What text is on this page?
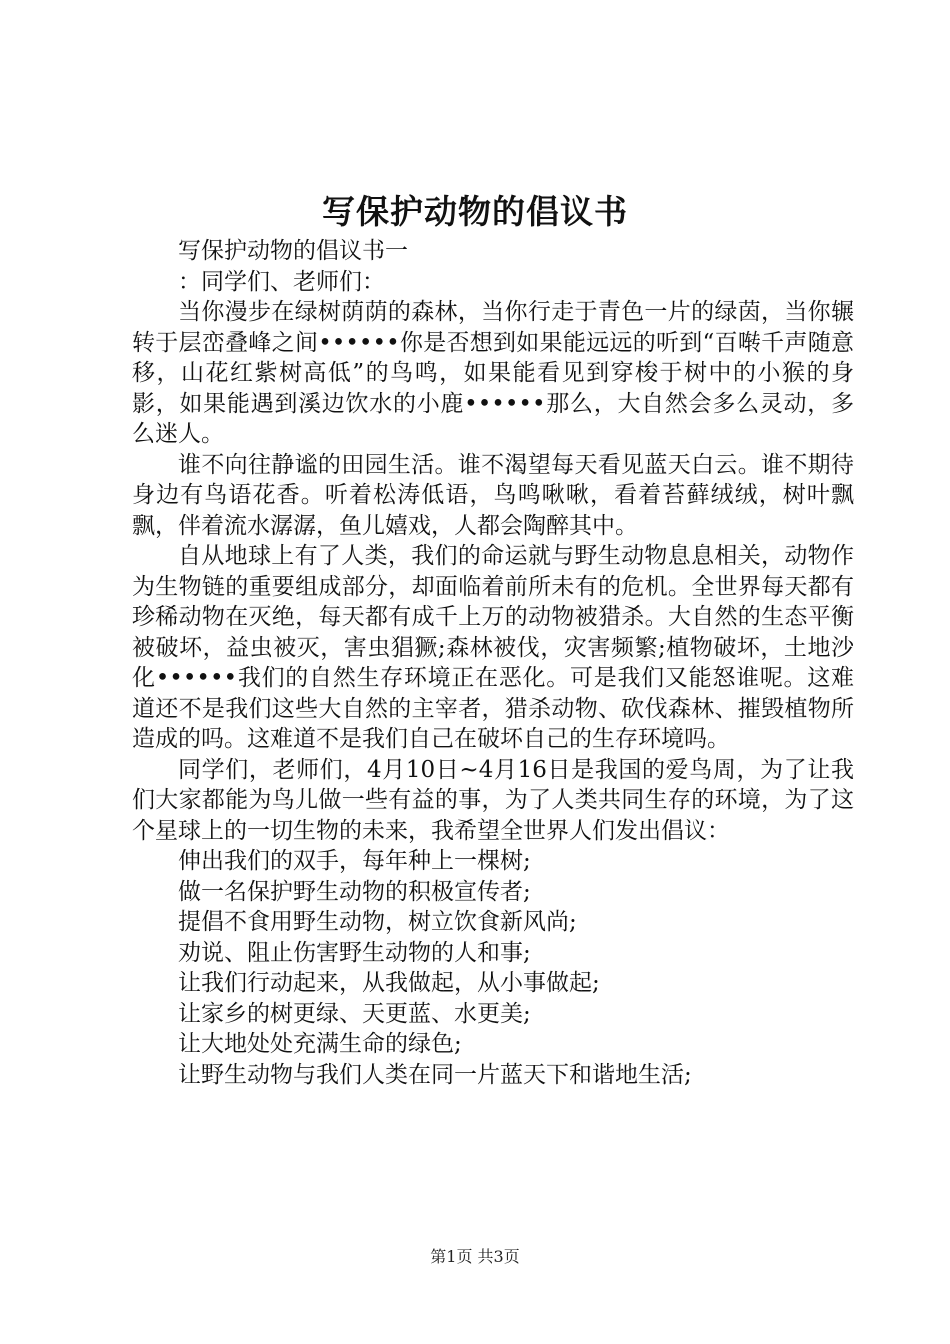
写保护动物的倡议书

写保护动物的倡议书一

：同学们、老师们：

当你漫步在绿树荫荫的森林，当你行走于青色一片的绿茵，当你辗转于层峦叠峰之间••••••你是否想到如果能远远的听到“百啭千声随意移，山花红紫树高低”的鸟鸣，如果能看见到穿梭于树中的小猴的身影，如果能遇到溪边饮水的小鹿••••••那么，大自然会多么灵动，多么迷人。

谁不向往静谧的田园生活。谁不渴望每天看见蓝天白云。谁不期待身边有鸟语花香。听着松涛低语，鸟鸣啾啾，看着苔藓绒绒，树叶飘飘，伴着流水潺潺，鱼儿嬉戏，人都会陶醉其中。

自从地球上有了人类，我们的命运就与野生动物息息相关，动物作为生物链的重要组成部分，却面临着前所未有的危机。全世界每天都有珍稀动物在灭绝，每天都有成千上万的动物被猎杀。大自然的生态平衡被破坏，益虫被灭，害虫猖獗;森林被伐，灾害频繁;植物破坏，土地沙化••••••我们的自然生存环境正在恶化。可是我们又能怒谁呢。这难道还不是我们这些大自然的主宰者，猎杀动物、砍伐森林、摧毁植物所造成的吗。这难道不是我们自己在破坏自己的生存环境吗。

同学们，老师们，4月10日~4月16日是我国的爱鸟周，为了让我们大家都能为鸟儿做一些有益的事，为了人类共同生存的环境，为了这个星球上的一切生物的未来，我希望全世界人们发出倡议：

伸出我们的双手，每年种上一棵树;

做一名保护野生动物的积极宣传者;

提倡不食用野生动物，树立饮食新风尚;

劝说、阻止伤害野生动物的人和事;

让我们行动起来，从我做起，从小事做起;

让家乡的树更绿、天更蓝、水更美;

让大地处处充满生命的绿色;

让野生动物与我们人类在同一片蓝天下和谐地生活;

第1页 共3页
